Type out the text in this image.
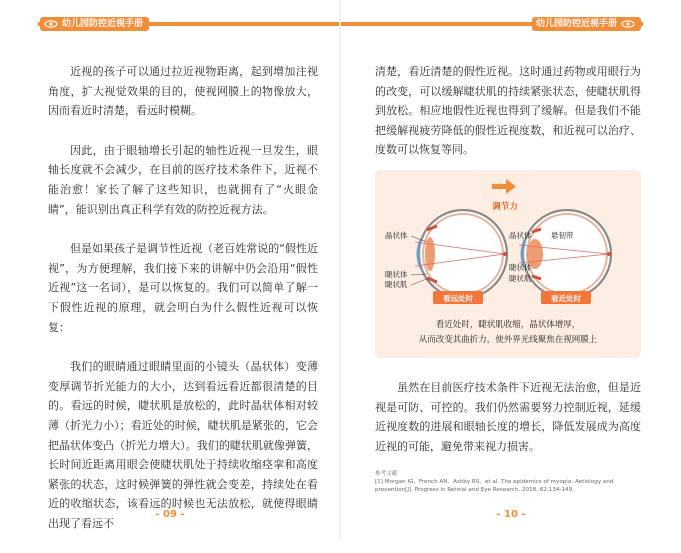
幼儿园防控近视手册

近视的孩子可以通过拉近视物距离，起到增加注视角度，扩大视觉效果的目的，使视网膜上的物像放大，因而看近时清楚，看远时模糊。

因此，由于眼轴增长引起的轴性近视一旦发生，眼轴长度就不会减少，在目前的医疗技术条件下，近视不能治愈！家长了解了这些知识，也就拥有了“火眼金睛”，能识别出真正科学有效的防控近视方法。

但是如果孩子是调节性近视（老百姓常说的“假性近视”，为方便理解，我们接下来的讲解中仍会沿用“假性近视”这一名词），是可以恢复的。我们可以简单了解一下假性近视的原理，就会明白为什么假性近视可以恢复：

我们的眼睛通过眼睛里面的小镜头（晶状体）变薄变厚调节折光能力的大小，达到看远看近都很清楚的目的。看远的时候，睫状肌是放松的，此时晶状体相对较薄（折光力小）；看近处的时候，睫状肌是紧张的，它会把晶状体变凸（折光力增大）。我们的睫状肌就像弹簧，长时间近距离用眼会使睫状肌处于持续收缩痉挛和高度紧张的状态，这时候弹簧的弹性就会变差，持续处在看近的收缩状态，该看远的时候也无法放松，就使得眼睛出现了看远不

- 09 -
幼儿园防控近视手册

清楚，看近清楚的假性近视。这时通过药物或用眼行为的改变，可以缓解睫状肌的持续紧张状态，使睫状肌得到放松。相应地假性近视也得到了缓解。但是我们不能把缓解视疲劳降低的假性近视度数，和近视可以治疗、度数可以恢复等同。

调节力
晶状体
睫状体
睫状肌
晶状体	悬韧带
睫状体
睫状肌
看远处时	看近处时
看近处时，睫状肌收缩，晶状体增厚，
从而改变其曲折力，使外界光线聚焦在视网膜上

虽然在目前医疗技术条件下近视无法治愈，但是近视是可防、可控的。我们仍然需要努力控制近视，延缓近视度数的进展和眼轴长度的增长，降低发展成为高度近视的可能，避免带来视力损害。

参考文献
[1] Morgan IG，French AN，Ashby RS，et al. The epidemics of myopia: Aetiology and prevention[J]. Progress in Retinal and Eye Research, 2018, 62:134-149.
- 10 -
